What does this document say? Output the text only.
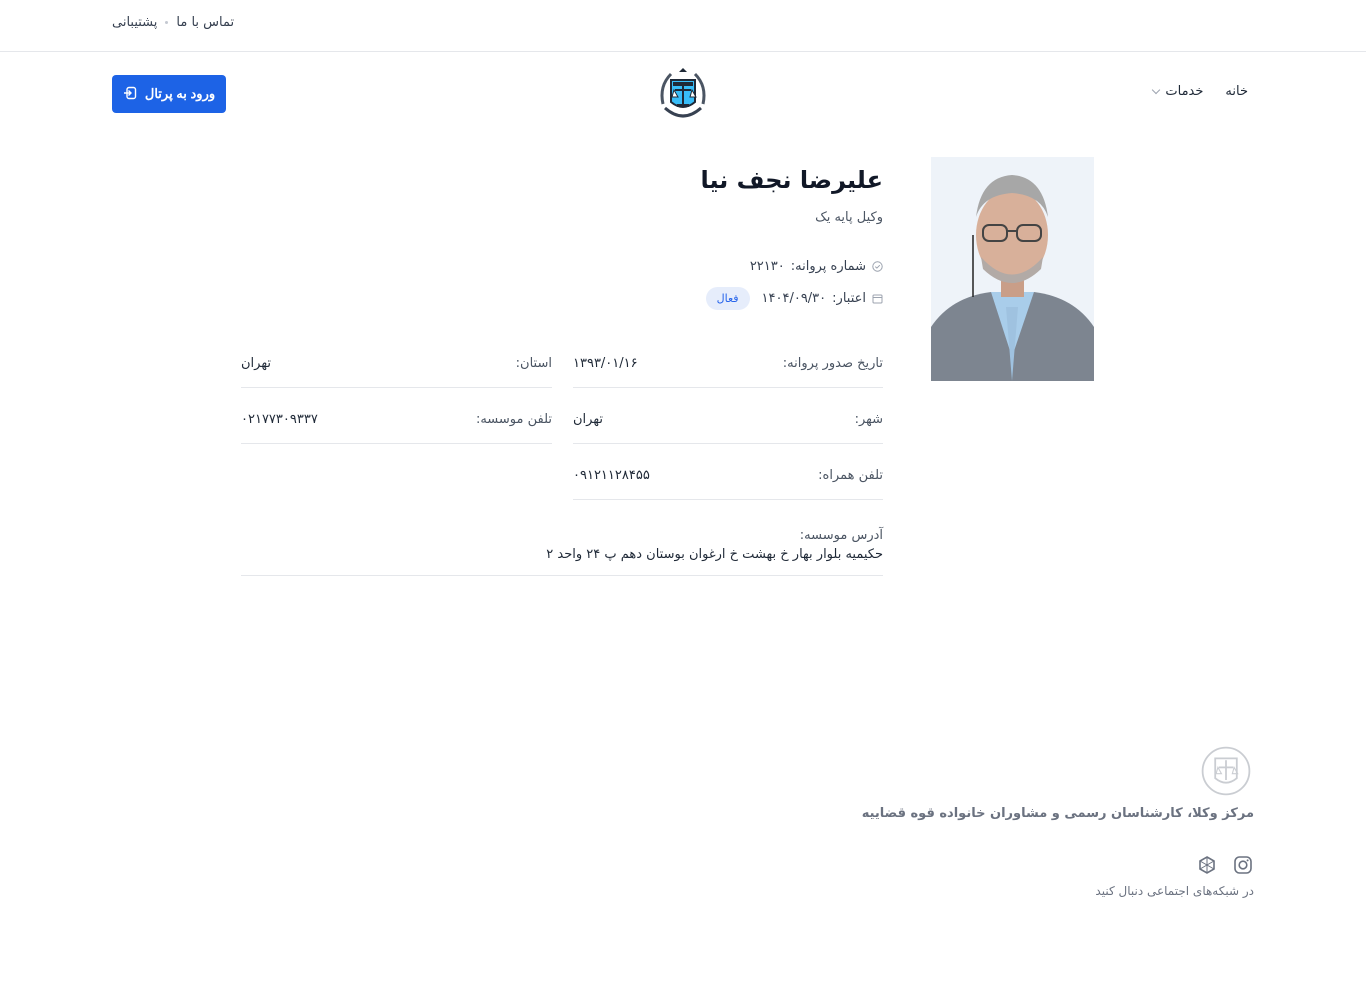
پشتیبانی تماس با ما
خانه
خدمات
ورود به پرتال
علیرضا نجف نیا
وکیل پایه یک
شماره پروانه:
۲۲۱۳۰
اعتبار:
۱۴۰۴/۰۹/۳۰
فعال
تاریخ صدور پروانه:
۱۳۹۳/۰۱/۱۶
استان:
تهران
شهر:
تهران
تلفن موسسه:
۰۲۱۷۷۳۰۹۳۳۷
تلفن همراه:
۰۹۱۲۱۱۲۸۴۵۵
آدرس موسسه:
حکیمیه بلوار بهار خ بهشت خ ارغوان بوستان دهم پ ۲۴ واحد ۲
مرکز وکلا، کارشناسان رسمی و مشاوران خانواده قوه قضاییه
در شبکه‌های اجتماعی دنبال کنید
